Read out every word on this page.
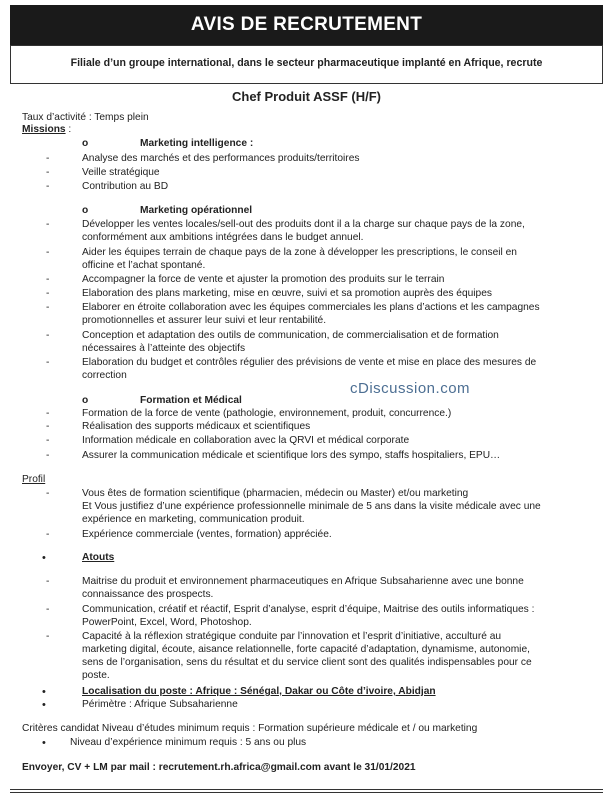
AVIS DE RECRUTEMENT
Filiale d’un groupe international, dans le secteur pharmaceutique implanté en Afrique, recrute
Chef Produit ASSF (H/F)
Taux d’activité : Temps plein
Missions :
o	Marketing intelligence :
-	Analyse des marchés et des performances produits/territoires
-	Veille stratégique
-	Contribution au BD
o	Marketing opérationnel
-	Développer les ventes locales/sell-out des produits dont il a la charge sur chaque pays de la zone,
conformément aux ambitions intégrées dans le budget annuel.
-	Aider les équipes terrain de chaque pays de la zone à développer les prescriptions, le conseil en
officine et l’achat spontané.
-	Accompagner la force de vente et ajuster la promotion des produits sur le terrain
-	Elaboration des plans marketing, mise en œuvre, suivi et sa promotion auprès des équipes
-	Elaborer en étroite collaboration avec les équipes commerciales les plans d’actions et les campagnes
promotionnelles et assurer leur suivi et leur rentabilité.
-	Conception et adaptation des outils de communication, de commercialisation et de formation
nécessaires à l’atteinte des objectifs
-	Elaboration du budget et contrôles régulier des prévisions de vente et mise en place des mesures de
correction
cDiscussion.com
o	Formation et Médical
-	Formation de la force de vente (pathologie, environnement, produit, concurrence.)
-	Réalisation des supports médicaux et scientifiques
-	Information médicale en collaboration avec la QRVI et médical corporate
-	Assurer la communication médicale et scientifique lors des sympo, staffs hospitaliers, EPU…
Profil
-	Vous êtes de formation scientifique (pharmacien, médecin ou Master) et/ou marketing
Et Vous justifiez d’une expérience professionnelle minimale de 5 ans dans la visite médicale avec une
expérience en marketing, communication produit.
-	Expérience commerciale (ventes, formation) appréciée.
•	Atouts
-	Maitrise du produit et environnement pharmaceutiques en Afrique Subsaharienne avec une bonne
connaissance des prospects.
-	Communication, créatif et réactif, Esprit d’analyse, esprit d’équipe, Maitrise des outils informatiques :
PowerPoint, Excel, Word, Photoshop.
-	Capacité à la réflexion stratégique conduite par l’innovation et l’esprit d’initiative, acculturé au
marketing digital, écoute, aisance relationnelle, forte capacité d’adaptation, dynamisme, autonomie,
sens de l’organisation, sens du résultat et du service client sont des qualités indispensables pour ce
poste.
•	Localisation du poste : Afrique : Sénégal, Dakar ou Côte d’ivoire, Abidjan
•	Périmètre : Afrique Subsaharienne
Critères candidat Niveau d’études minimum requis : Formation supérieure médicale et / ou marketing
• Niveau d’expérience minimum requis : 5 ans ou plus
Envoyer, CV + LM par mail : recrutement.rh.africa@gmail.com avant le 31/01/2021
